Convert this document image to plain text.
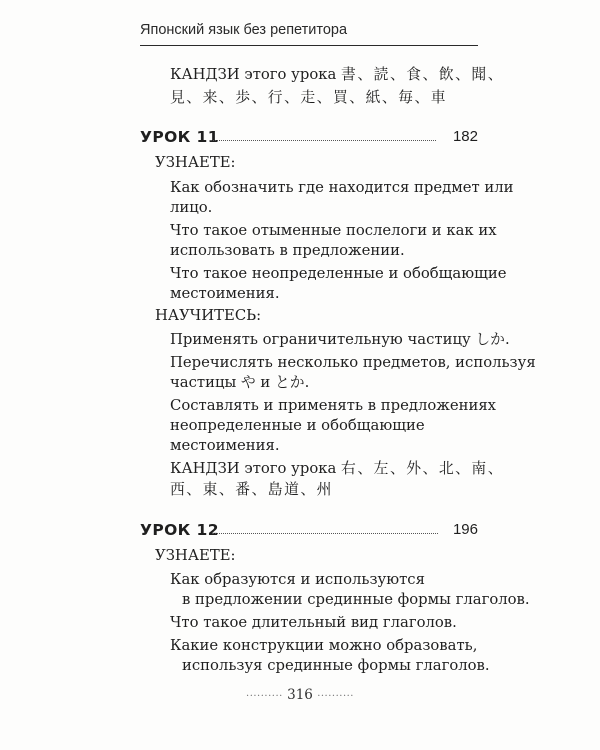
Японский язык без репетитора
КАНДЗИ этого урока 書、読、食、飲、聞、
見、来、歩、行、走、買、紙、毎、車
УРОК 11	182
УЗНАЕТЕ:
Как обозначить где находится предмет или
лицо.
Что такое отыменные послелоги и как их
использовать в предложении.
Что такое неопределенные и обобщающие
местоимения.
НАУЧИТЕСЬ:
Применять ограничительную частицу しか.
Перечислять несколько предметов, используя
частицы や и とか.
Составлять и применять в предложениях
неопределенные и обобщающие
местоимения.
КАНДЗИ этого урока 右、左、外、北、南、
西、東、番、島道、州
УРОК 12	196
УЗНАЕТЕ:
Как образуются и используются
в предложении срединные формы глаголов.
Что такое длительный вид глаголов.
Какие конструкции можно образовать,
используя срединные формы глаголов.
·········· 316 ··········
